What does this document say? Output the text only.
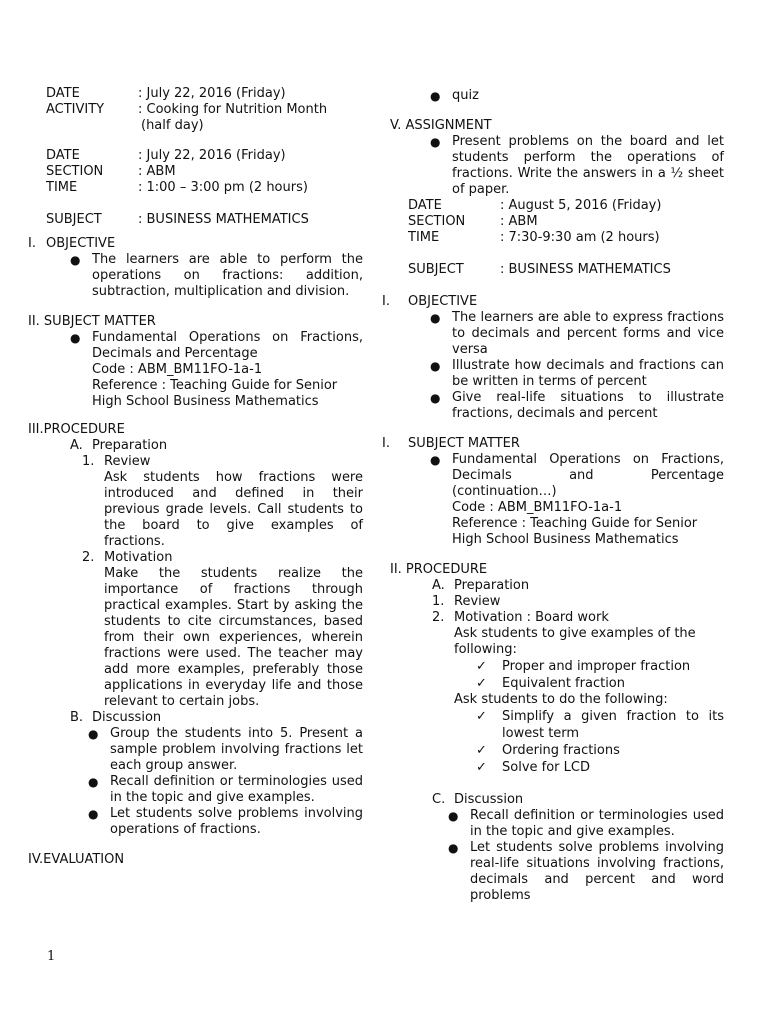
DATE	: July 22, 2016 (Friday)
ACTIVITY	: Cooking for Nutrition Month
(half day)
DATE	: July 22, 2016 (Friday)
SECTION	: ABM
TIME	: 1:00 – 3:00 pm (2 hours)
SUBJECT	: BUSINESS MATHEMATICS
I. OBJECTIVE
● The learners are able to perform the operations on fractions: addition, subtraction, multiplication and division.
II. SUBJECT MATTER
● Fundamental Operations on Fractions, Decimals and Percentage
Code : ABM_BM11FO-1a-1
Reference : Teaching Guide for Senior High School Business Mathematics
III.PROCEDURE
A. Preparation
1. Review
Ask students how fractions were introduced and defined in their previous grade levels. Call students to the board to give examples of fractions.
2. Motivation
Make the students realize the importance of fractions through practical examples. Start by asking the students to cite circumstances, based from their own experiences, wherein fractions were used. The teacher may add more examples, preferably those applications in everyday life and those relevant to certain jobs.
B. Discussion
● Group the students into 5. Present a sample problem involving fractions let each group answer.
● Recall definition or terminologies used in the topic and give examples.
● Let students solve problems involving operations of fractions.
IV.EVALUATION
● quiz
V. ASSIGNMENT
● Present problems on the board and let students perform the operations of fractions. Write the answers in a ½ sheet of paper.
DATE	: August 5, 2016 (Friday)
SECTION	: ABM
TIME	: 7:30-9:30 am (2 hours)
SUBJECT	: BUSINESS MATHEMATICS
I.	OBJECTIVE
● The learners are able to express fractions to decimals and percent forms and vice versa
● Illustrate how decimals and fractions can be written in terms of percent
● Give real-life situations to illustrate fractions, decimals and percent
I.	SUBJECT MATTER
● Fundamental Operations on Fractions, Decimals and Percentage (continuation…)
Code : ABM_BM11FO-1a-1
Reference : Teaching Guide for Senior High School Business Mathematics
II. PROCEDURE
A. Preparation
1. Review
2. Motivation : Board work
Ask students to give examples of the following:
✓	Proper and improper fraction
✓	Equivalent fraction
Ask students to do the following:
✓	Simplify a given fraction to its lowest term
✓	Ordering fractions
✓	Solve for LCD
C. Discussion
● Recall definition or terminologies used in the topic and give examples.
● Let students solve problems involving real-life situations involving fractions, decimals and percent and word problems
1
